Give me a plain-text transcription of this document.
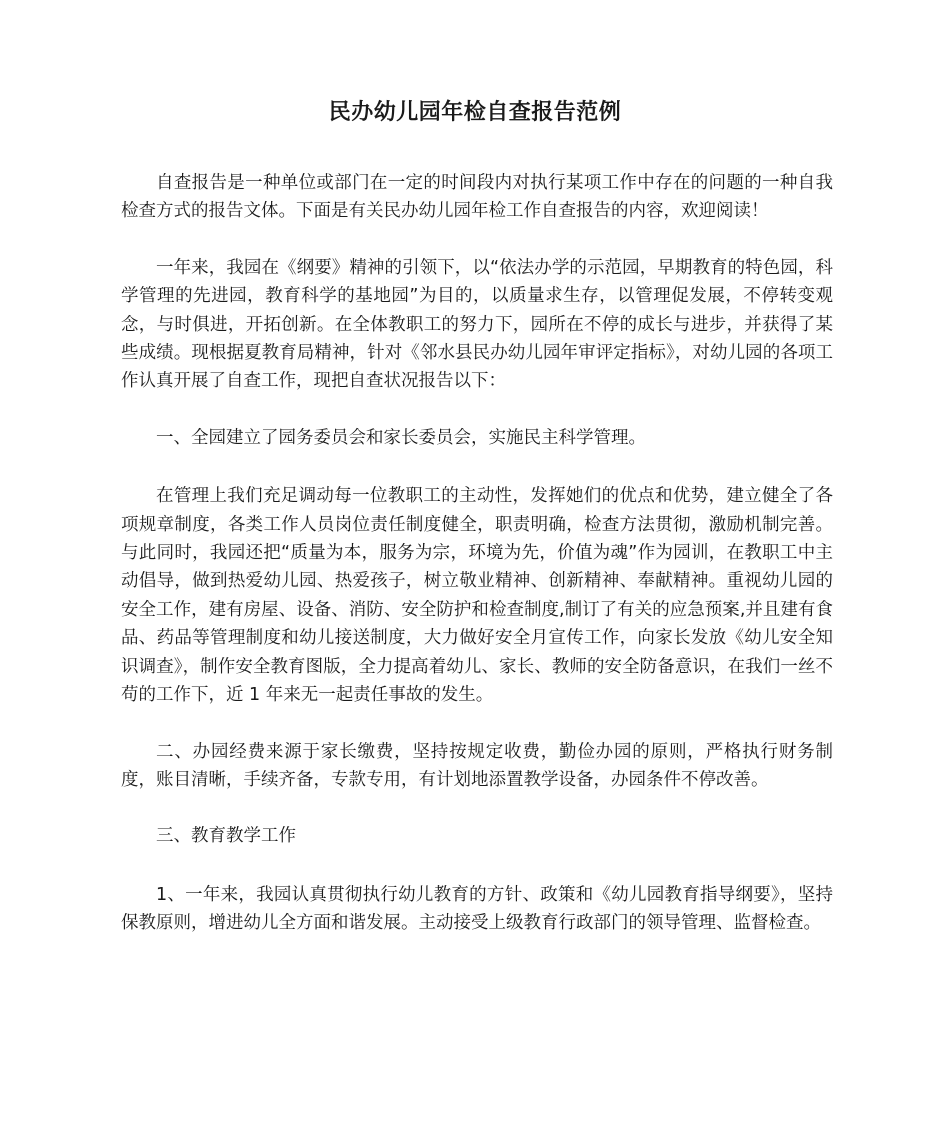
民办幼儿园年检自查报告范例

自查报告是一种单位或部门在一定的时间段内对执行某项工作中存在的问题的一种自我检查方式的报告文体。下面是有关民办幼儿园年检工作自查报告的内容，欢迎阅读！

一年来，我园在《纲要》精神的引领下，以“依法办学的示范园，早期教育的特色园，科学管理的先进园，教育科学的基地园”为目的，以质量求生存，以管理促发展，不停转变观念，与时俱进，开拓创新。在全体教职工的努力下，园所在不停的成长与进步，并获得了某些成绩。现根据夏教育局精神，针对《邻水县民办幼儿园年审评定指标》，对幼儿园的各项工作认真开展了自查工作，现把自查状况报告以下：

一、全园建立了园务委员会和家长委员会，实施民主科学管理。

在管理上我们充足调动每一位教职工的主动性，发挥她们的优点和优势，建立健全了各项规章制度，各类工作人员岗位责任制度健全，职责明确，检查方法贯彻，激励机制完善。与此同时，我园还把“质量为本，服务为宗，环境为先，价值为魂”作为园训，在教职工中主动倡导，做到热爱幼儿园、热爱孩子，树立敬业精神、创新精神、奉献精神。重视幼儿园的安全工作，建有房屋、设备、消防、安全防护和检查制度,制订了有关的应急预案,并且建有食品、药品等管理制度和幼儿接送制度，大力做好安全月宣传工作，向家长发放《幼儿安全知识调查》，制作安全教育图版，全力提高着幼儿、家长、教师的安全防备意识，在我们一丝不苟的工作下，近 1 年来无一起责任事故的发生。

二、办园经费来源于家长缴费，坚持按规定收费，勤俭办园的原则，严格执行财务制度，账目清晰，手续齐备，专款专用，有计划地添置教学设备，办园条件不停改善。

三、教育教学工作

1、一年来，我园认真贯彻执行幼儿教育的方针、政策和《幼儿园教育指导纲要》，坚持保教原则，增进幼儿全方面和谐发展。主动接受上级教育行政部门的领导管理、监督检查。
